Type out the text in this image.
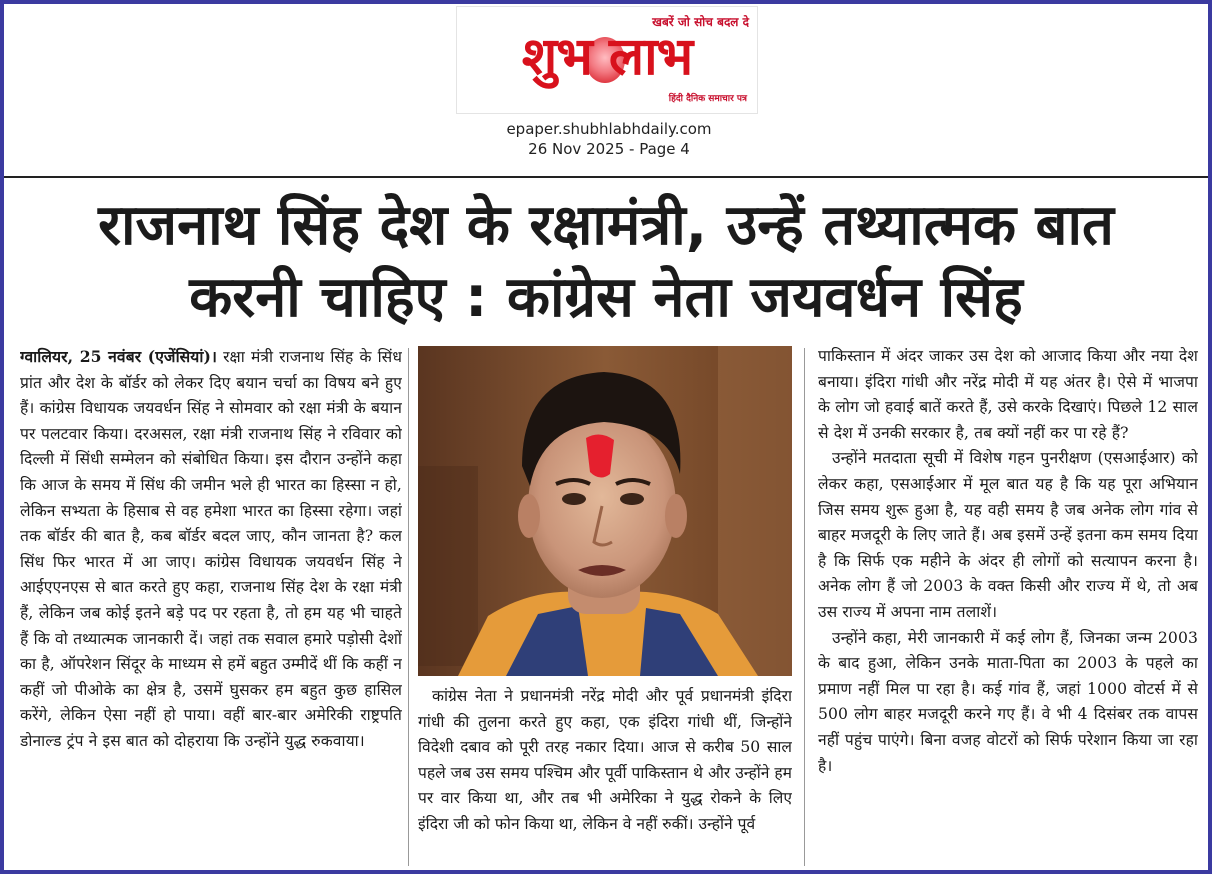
खबरें जो सोच बदल दे
शुभ लाभ
हिंदी दैनिक समाचार पत्र
epaper.shubhlabhdaily.com
26 Nov 2025 - Page 4
राजनाथ सिंह देश के रक्षामंत्री, उन्हें तथ्यात्मक बात
करनी चाहिए : कांग्रेस नेता जयवर्धन सिंह

ग्वालियर, 25 नवंबर (एजेंसियां)। रक्षा मंत्री राजनाथ सिंह के सिंध प्रांत और देश के बॉर्डर को लेकर दिए बयान चर्चा का विषय बने हुए हैं। कांग्रेस विधायक जयवर्धन सिंह ने सोमवार को रक्षा मंत्री के बयान पर पलटवार किया। दरअसल, रक्षा मंत्री राजनाथ सिंह ने रविवार को दिल्ली में सिंधी सम्मेलन को संबोधित किया। इस दौरान उन्होंने कहा कि आज के समय में सिंध की जमीन भले ही भारत का हिस्सा न हो, लेकिन सभ्यता के हिसाब से वह हमेशा भारत का हिस्सा रहेगा। जहां तक बॉर्डर की बात है, कब बॉर्डर बदल जाए, कौन जानता है? कल सिंध फिर भारत में आ जाए। कांग्रेस विधायक जयवर्धन सिंह ने आईएएनएस से बात करते हुए कहा, राजनाथ सिंह देश के रक्षा मंत्री हैं, लेकिन जब कोई इतने बड़े पद पर रहता है, तो हम यह भी चाहते हैं कि वो तथ्यात्मक जानकारी दें। जहां तक सवाल हमारे पड़ोसी देशों का है, ऑपरेशन सिंदूर के माध्यम से हमें बहुत उम्मीदें थीं कि कहीं न कहीं जो पीओके का क्षेत्र है, उसमें घुसकर हम बहुत कुछ हासिल करेंगे, लेकिन ऐसा नहीं हो पाया। वहीं बार-बार अमेरिकी राष्ट्रपति डोनाल्ड ट्रंप ने इस बात को दोहराया कि उन्होंने युद्ध रुकवाया।

कांग्रेस नेता ने प्रधानमंत्री नरेंद्र मोदी और पूर्व प्रधानमंत्री इंदिरा गांधी की तुलना करते हुए कहा, एक इंदिरा गांधी थीं, जिन्होंने विदेशी दबाव को पूरी तरह नकार दिया। आज से करीब 50 साल पहले जब उस समय पश्चिम और पूर्वी पाकिस्तान थे और उन्होंने हम पर वार किया था, और तब भी अमेरिका ने युद्ध रोकने के लिए इंदिरा जी को फोन किया था, लेकिन वे नहीं रुकीं। उन्होंने पूर्व

पाकिस्तान में अंदर जाकर उस देश को आजाद किया और नया देश बनाया। इंदिरा गांधी और नरेंद्र मोदी में यह अंतर है। ऐसे में भाजपा के लोग जो हवाई बातें करते हैं, उसे करके दिखाएं। पिछले 12 साल से देश में उनकी सरकार है, तब क्यों नहीं कर पा रहे हैं?

उन्होंने मतदाता सूची में विशेष गहन पुनरीक्षण (एसआईआर) को लेकर कहा, एसआईआर में मूल बात यह है कि यह पूरा अभियान जिस समय शुरू हुआ है, यह वही समय है जब अनेक लोग गांव से बाहर मजदूरी के लिए जाते हैं। अब इसमें उन्हें इतना कम समय दिया है कि सिर्फ एक महीने के अंदर ही लोगों को सत्यापन करना है। अनेक लोग हैं जो 2003 के वक्त किसी और राज्य में थे, तो अब उस राज्य में अपना नाम तलाशें।

उन्होंने कहा, मेरी जानकारी में कई लोग हैं, जिनका जन्म 2003 के बाद हुआ, लेकिन उनके माता-पिता का 2003 के पहले का प्रमाण नहीं मिल पा रहा है। कई गांव हैं, जहां 1000 वोटर्स में से 500 लोग बाहर मजदूरी करने गए हैं। वे भी 4 दिसंबर तक वापस नहीं पहुंच पाएंगे। बिना वजह वोटरों को सिर्फ परेशान किया जा रहा है।
